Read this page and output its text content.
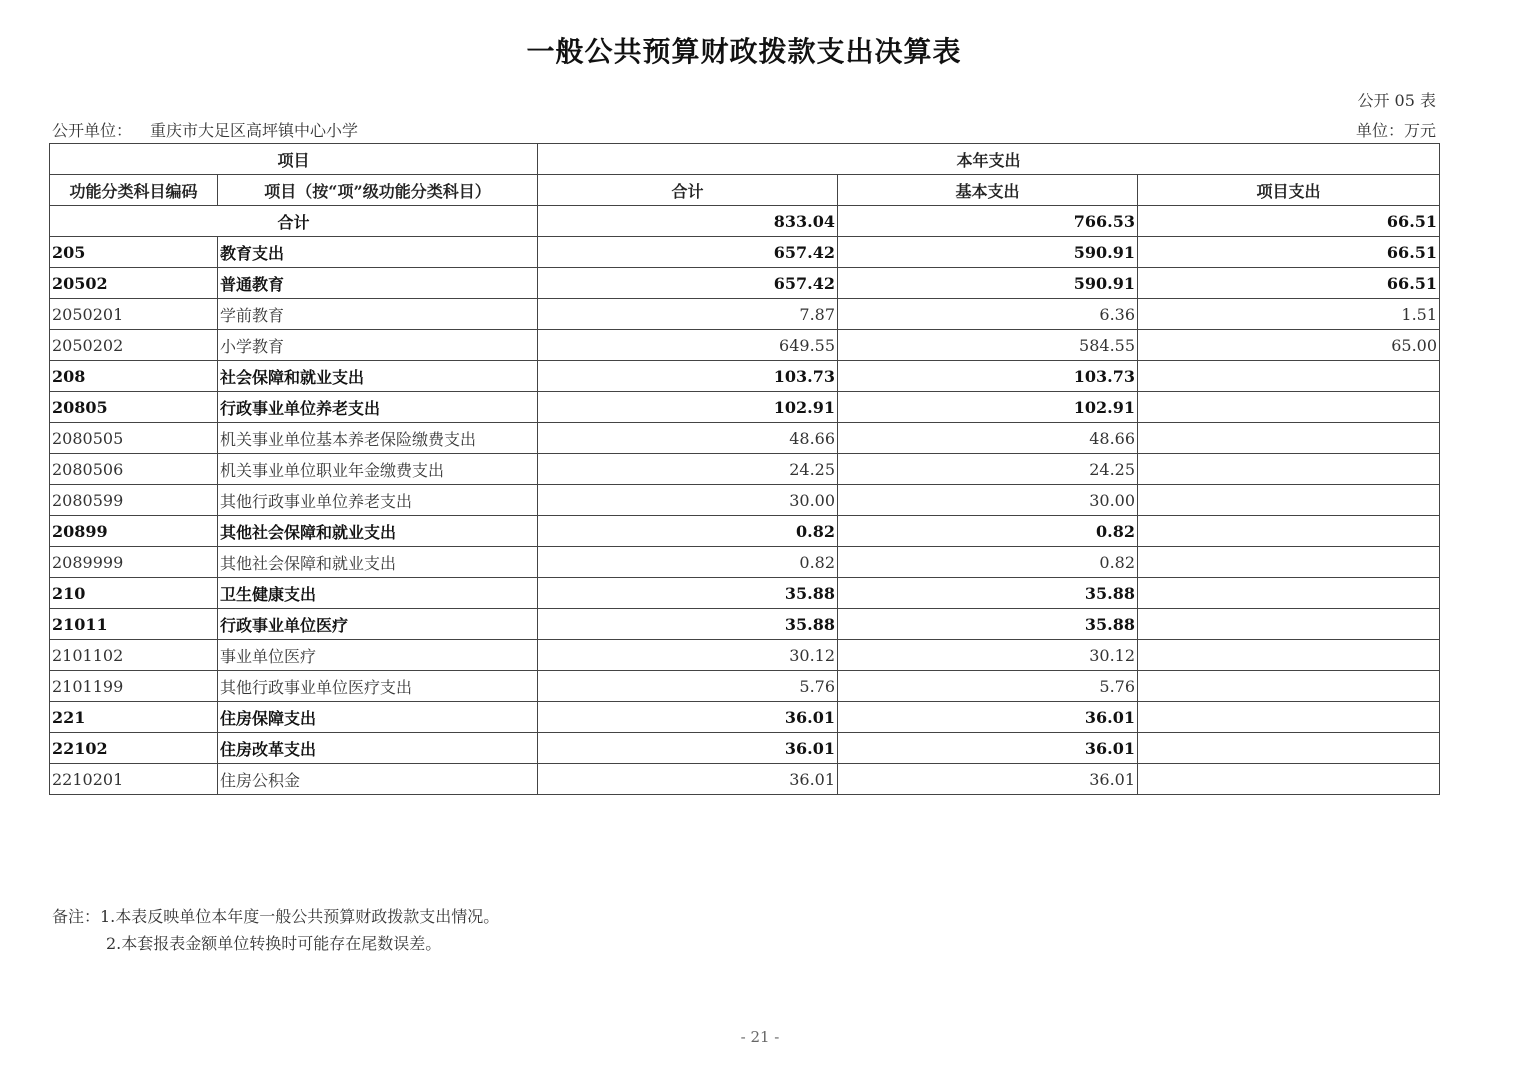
一般公共预算财政拨款支出决算表
公开 05 表
公开单位： 重庆市大足区高坪镇中心小学	单位：万元
项目		本年支出		
功能分类科目编码	项目（按“项”级功能分类科目）	合计	基本支出	项目支出
合计		833.04	766.53	66.51
205	教育支出	657.42	590.91	66.51
20502	普通教育	657.42	590.91	66.51
2050201	学前教育	7.87	6.36	1.51
2050202	小学教育	649.55	584.55	65.00
208	社会保障和就业支出	103.73	103.73	
20805	行政事业单位养老支出	102.91	102.91	
2080505	机关事业单位基本养老保险缴费支出	48.66	48.66	
2080506	机关事业单位职业年金缴费支出	24.25	24.25	
2080599	其他行政事业单位养老支出	30.00	30.00	
20899	其他社会保障和就业支出	0.82	0.82	
2089999	其他社会保障和就业支出	0.82	0.82	
210	卫生健康支出	35.88	35.88	
21011	行政事业单位医疗	35.88	35.88	
2101102	事业单位医疗	30.12	30.12	
2101199	其他行政事业单位医疗支出	5.76	5.76	
221	住房保障支出	36.01	36.01	
22102	住房改革支出	36.01	36.01	
2210201	住房公积金	36.01	36.01	
备注：1.本表反映单位本年度一般公共预算财政拨款支出情况。
2.本套报表金额单位转换时可能存在尾数误差。
- 21 -
